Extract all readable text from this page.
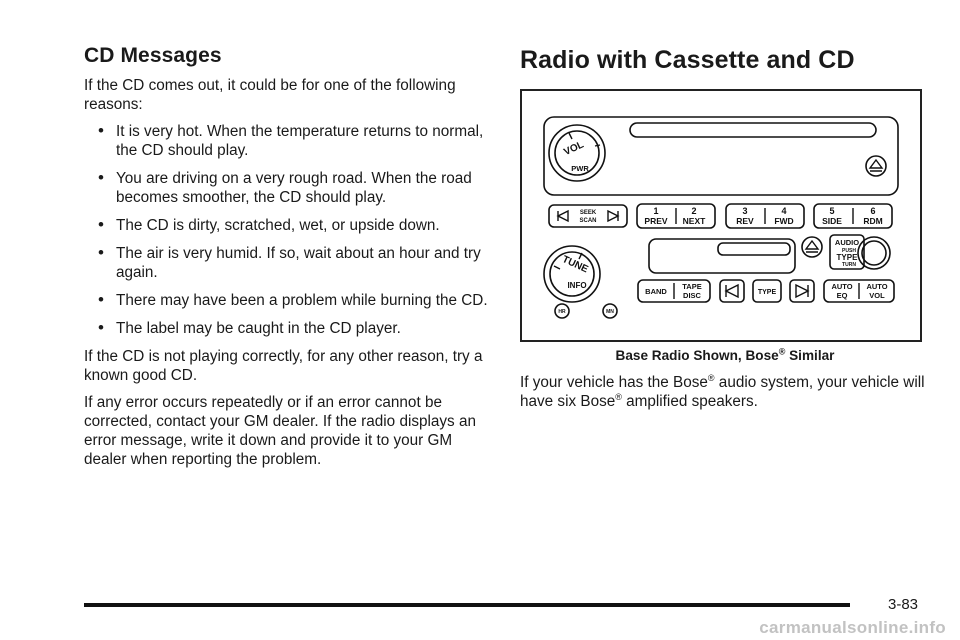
CD Messages

If the CD comes out, it could be for one of the following reasons:

• It is very hot. When the temperature returns to normal, the CD should play.
• You are driving on a very rough road. When the road becomes smoother, the CD should play.
• The CD is dirty, scratched, wet, or upside down.
• The air is very humid. If so, wait about an hour and try again.
• There may have been a problem while burning the CD.
• The label may be caught in the CD player.

If the CD is not playing correctly, for any other reason, try a known good CD.

If any error occurs repeatedly or if an error cannot be corrected, contact your GM dealer. If the radio displays an error message, write it down and provide it to your GM dealer when reporting the problem.

Radio with Cassette and CD
VOL
PWR
SEEK
SCAN
1	2
PREV NEXT
3	4
REV FWD
5	6
SIDE	RDM
TUNE
INFO
AUDIO
PUSH
TYPE
TURN
BAND
TAPE
DISC	TYPE
AUTO
EQ
AUTO
VOL
HR	MN
Base Radio Shown, Bose® Similar

If your vehicle has the Bose® audio system, your vehicle will have six Bose® amplified speakers.

3-83
carmanualsonline.info
